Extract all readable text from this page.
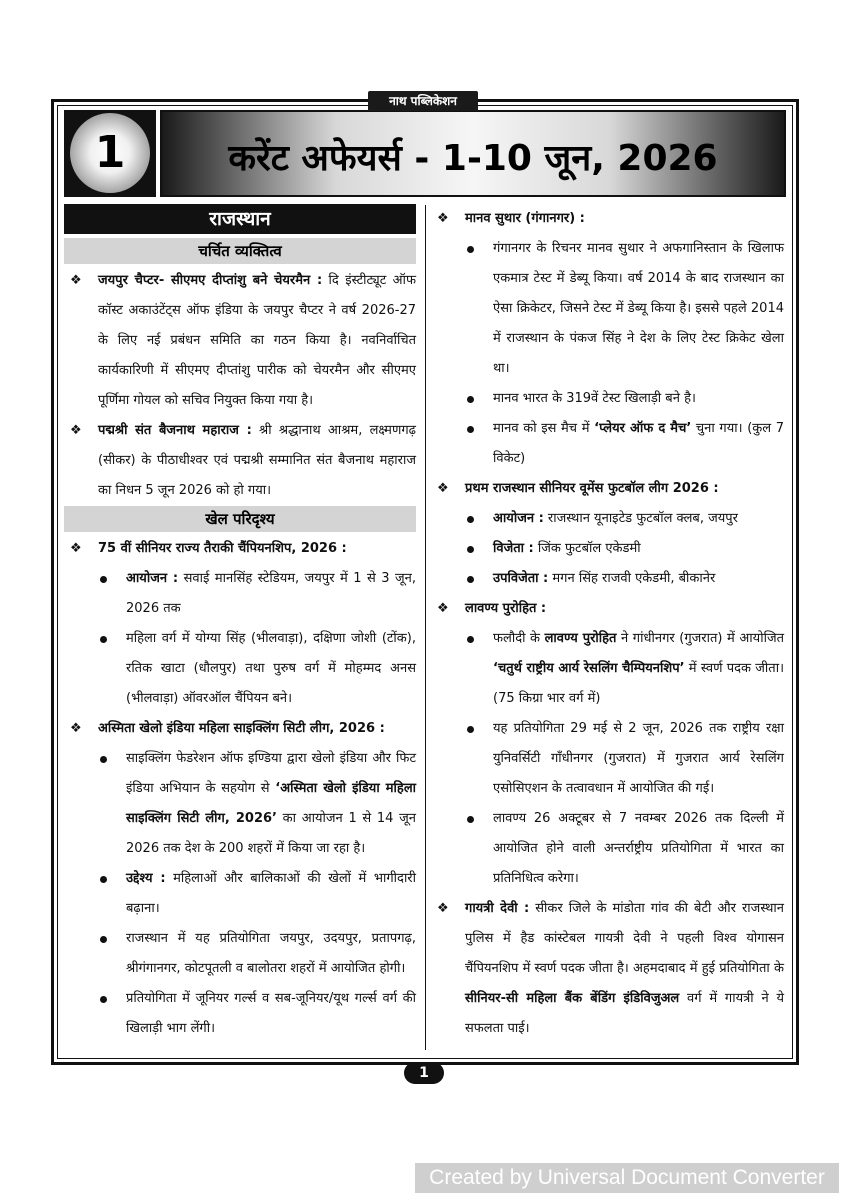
नाथ पब्लिकेशन
1	करेंट अफेयर्स - 1-10 जून, 2026
राजस्थान
चर्चित व्यक्तित्व
❖ जयपुर चैप्टर- सीएमए दीप्तांशु बने चेयरमैन : दि इंस्टीट्यूट ऑफ कॉस्ट अकाउंटेंट्स ऑफ इंडिया के जयपुर चैप्टर ने वर्ष 2026-27 के लिए नई प्रबंधन समिति का गठन किया है। नवनिर्वाचित कार्यकारिणी में सीएमए दीप्तांशु पारीक को चेयरमैन और सीएमए पूर्णिमा गोयल को सचिव नियुक्त किया गया है।
❖ पद्मश्री संत बैजनाथ महाराज : श्री श्रद्धानाथ आश्रम, लक्ष्मणगढ़ (सीकर) के पीठाधीश्वर एवं पद्मश्री सम्मानित संत बैजनाथ महाराज का निधन 5 जून 2026 को हो गया।
खेल परिदृश्य
❖ 75 वीं सीनियर राज्य तैराकी चैंपियनशिप, 2026 :
आयोजन : सवाई मानसिंह स्टेडियम, जयपुर में 1 से 3 जून, 2026 तक
महिला वर्ग में योग्या सिंह (भीलवाड़ा), दक्षिणा जोशी (टोंक), रतिक खाटा (धौलपुर) तथा पुरुष वर्ग में मोहम्मद अनस (भीलवाड़ा) ऑवरऑल चैंपियन बने।
❖ अस्मिता खेलो इंडिया महिला साइक्लिंग सिटी लीग, 2026 :
साइक्लिंग फेडरेशन ऑफ इण्डिया द्वारा खेलो इंडिया और फिट इंडिया अभियान के सहयोग से ‘अस्मिता खेलो इंडिया महिला साइक्लिंग सिटी लीग, 2026’ का आयोजन 1 से 14 जून 2026 तक देश के 200 शहरों में किया जा रहा है।
उद्देश्य : महिलाओं और बालिकाओं की खेलों में भागीदारी बढ़ाना।
राजस्थान में यह प्रतियोगिता जयपुर, उदयपुर, प्रतापगढ़, श्रीगंगानगर, कोटपूतली व बालोतरा शहरों में आयोजित होगी।
प्रतियोगिता में जूनियर गर्ल्स व सब-जूनियर/यूथ गर्ल्स वर्ग की खिलाड़ी भाग लेंगी।
❖ मानव सुथार (गंगानगर) :
गंगानगर के रिचनर मानव सुथार ने अफगानिस्तान के खिलाफ एकमात्र टेस्ट में डेब्यू किया। वर्ष 2014 के बाद राजस्थान का ऐसा क्रिकेटर, जिसने टेस्ट में डेब्यू किया है। इससे पहले 2014 में राजस्थान के पंकज सिंह ने देश के लिए टेस्ट क्रिकेट खेला था।
मानव भारत के 319वें टेस्ट खिलाड़ी बने है।
मानव को इस मैच में ‘प्लेयर ऑफ द मैच’ चुना गया। (कुल 7 विकेट)
❖ प्रथम राजस्थान सीनियर वूमेंस फुटबॉल लीग 2026 :
आयोजन : राजस्थान यूनाइटेड फुटबॉल क्लब, जयपुर
विजेता : जिंक फुटबॉल एकेडमी
उपविजेता : मगन सिंह राजवी एकेडमी, बीकानेर
❖ लावण्य पुरोहित :
फलौदी के लावण्य पुरोहित ने गांधीनगर (गुजरात) में आयोजित ‘चतुर्थ राष्ट्रीय आर्य रेसलिंग चैम्पियनशिप’ में स्वर्ण पदक जीता। (75 किग्रा भार वर्ग में)
यह प्रतियोगिता 29 मई से 2 जून, 2026 तक राष्ट्रीय रक्षा युनिवर्सिटी गाँधीनगर (गुजरात) में गुजरात आर्य रेसलिंग एसोसिएशन के तत्वावधान में आयोजित की गई।
लावण्य 26 अक्टूबर से 7 नवम्बर 2026 तक दिल्ली में आयोजित होने वाली अन्तर्राष्ट्रीय प्रतियोगिता में भारत का प्रतिनिधित्व करेगा।
❖ गायत्री देवी : सीकर जिले के मांडोता गांव की बेटी और राजस्थान पुलिस में हैड कांस्टेबल गायत्री देवी ने पहली विश्व योगासन चैंपियनशिप में स्वर्ण पदक जीता है। अहमदाबाद में हुई प्रतियोगिता के सीनियर-सी महिला बैंक बेंडिंग इंडिविजुअल वर्ग में गायत्री ने ये सफलता पाई।
1
Created by Universal Document Converter
